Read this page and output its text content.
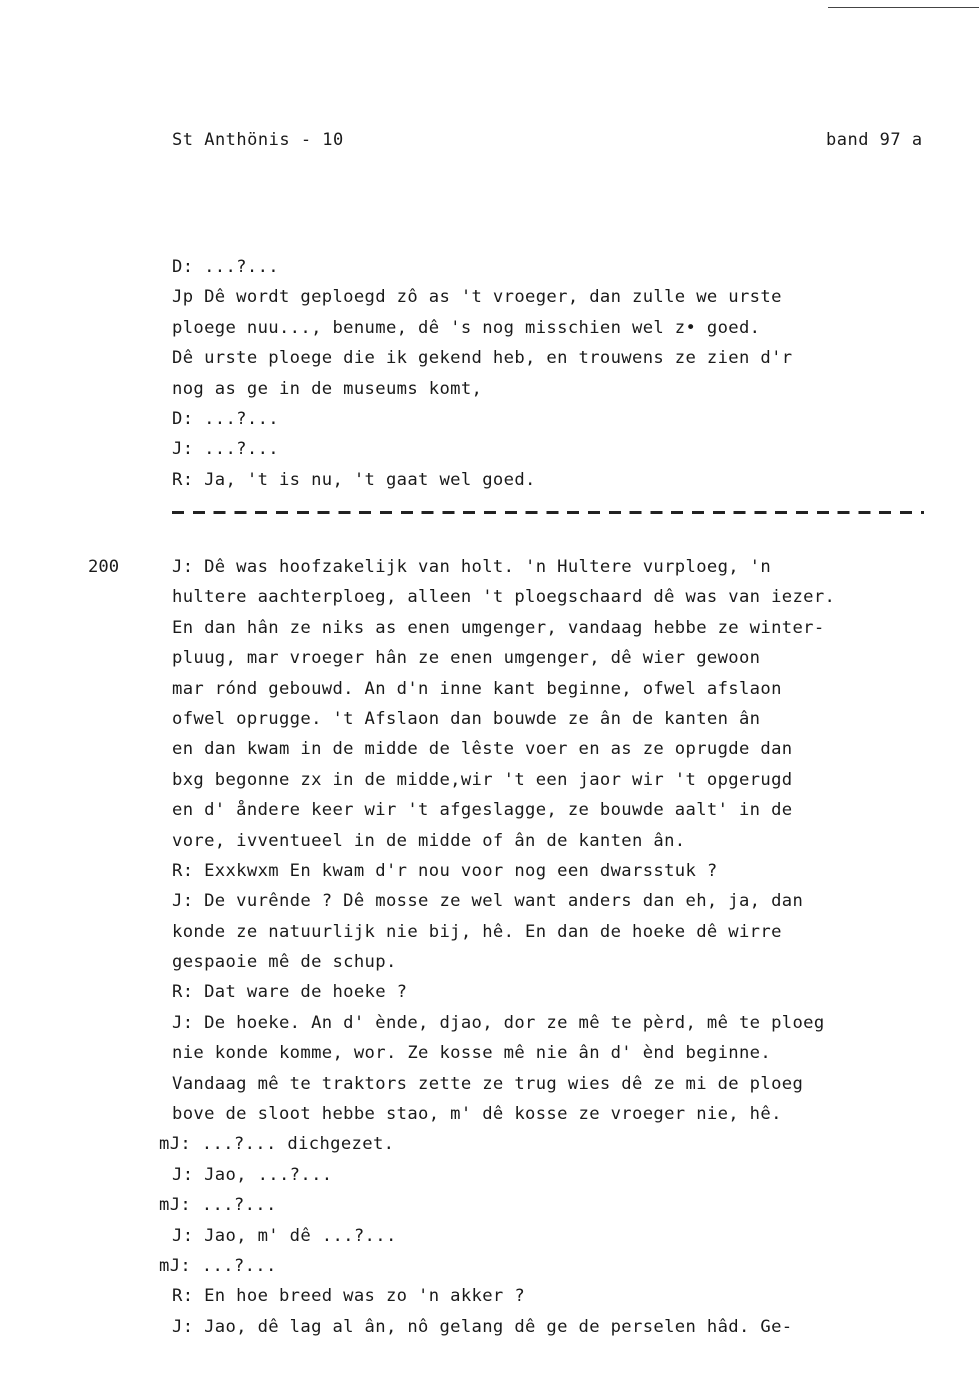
St Anthönis - 10	band 97 a
D: ...?...
Jp Dê wordt geploegd zô as 't vroeger, dan zulle we urste
ploege nuu..., benume, dê 's nog misschien wel z• goed.
Dê urste ploege die ik gekend heb, en trouwens ze zien d'r
nog as ge in de museums komt,
D: ...?...
J: ...?...
R: Ja, 't is nu, 't gaat wel goed.
200	J: Dê was hoofzakelijk van holt. 'n Hultere vurploeg, 'n
hultere aachterploeg, alleen 't ploegschaard dê was van iezer.
En dan hân ze niks as enen umgenger, vandaag hebbe ze winter-
pluug, mar vroeger hân ze enen umgenger, dê wier gewoon
mar rónd gebouwd. An d'n inne kant beginne, ofwel afslaon
ofwel oprugge. 't Afslaon dan bouwde ze ân de kanten ân
en dan kwam in de midde de lêste voer en as ze oprugde dan
bxg begonne zx in de midde,wir 't een jaor wir 't opgerugd
en d' åndere keer wir 't afgeslagge, ze bouwde aalt' in de
vore, ivventueel in de midde of ân de kanten ân.
R: Exxkwxm En kwam d'r nou voor nog een dwarsstuk ?
J: De vurênde ? Dê mosse ze wel want anders dan eh, ja, dan
konde ze natuurlijk nie bij, hê. En dan de hoeke dê wirre
gespaoie mê de schup.
R: Dat ware de hoeke ?
J: De hoeke. An d' ènde, djao, dor ze mê te pèrd, mê te ploeg
nie konde komme, wor. Ze kosse mê nie ân d' ènd beginne.
Vandaag mê te traktors zette ze trug wies dê ze mi de ploeg
bove de sloot hebbe stao, m' dê kosse ze vroeger nie, hê.
mJ: ...?... dichgezet.
J: Jao, ...?...
mJ: ...?...
J: Jao, m' dê ...?...
mJ: ...?...
R: En hoe breed was zo 'n akker ?
J: Jao, dê lag al ân, nô gelang dê ge de perselen hâd. Ge-
